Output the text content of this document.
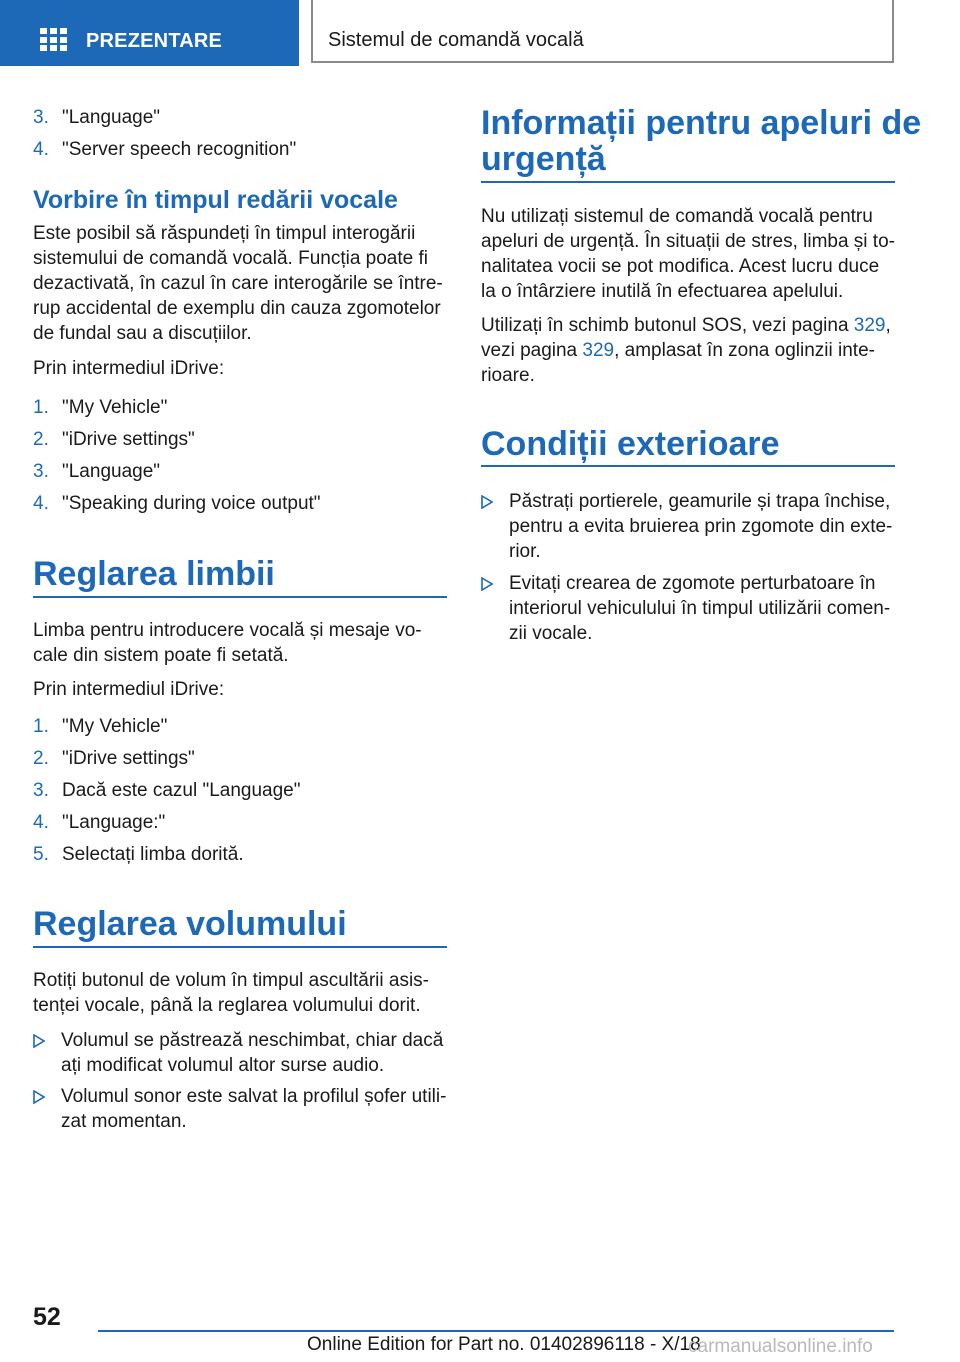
PREZENTARE	Sistemul de comandă vocală
3. "Language"
4. "Server speech recognition"
Vorbire în timpul redării vocale
Este posibil să răspundeți în timpul interogării
sistemului de comandă vocală. Funcția poate fi
dezactivată, în cazul în care interogările se între‐
rup accidental de exemplu din cauza zgomotelor
de fundal sau a discuțiilor.
Prin intermediul iDrive:
1. "My Vehicle"
2. "iDrive settings"
3. "Language"
4. "Speaking during voice output"
Reglarea limbii
Limba pentru introducere vocală și mesaje vo‐
cale din sistem poate fi setată.
Prin intermediul iDrive:
1. "My Vehicle"
2. "iDrive settings"
3. Dacă este cazul "Language"
4. "Language:"
5. Selectați limba dorită.
Reglarea volumului
Rotiți butonul de volum în timpul ascultării asis‐
tenței vocale, până la reglarea volumului dorit.
Volumul se păstrează neschimbat, chiar dacă
ați modificat volumul altor surse audio.
Volumul sonor este salvat la profilul șofer utili‐
zat momentan.
Informații pentru apeluri de
urgență
Nu utilizați sistemul de comandă vocală pentru
apeluri de urgență. În situații de stres, limba și to‐
nalitatea vocii se pot modifica. Acest lucru duce
la o întârziere inutilă în efectuarea apelului.
Utilizați în schimb butonul SOS, vezi pagina 329,
vezi pagina 329, amplasat în zona oglinzii inte‐
rioare.
Condiții exterioare
Păstrați portierele, geamurile și trapa închise,
pentru a evita bruierea prin zgomote din exte‐
rior.
Evitați crearea de zgomote perturbatoare în
interiorul vehiculului în timpul utilizării comen‐
zii vocale.
52
Online Edition for Part no. 01402896118 - X/18
carmanualsonline.info
